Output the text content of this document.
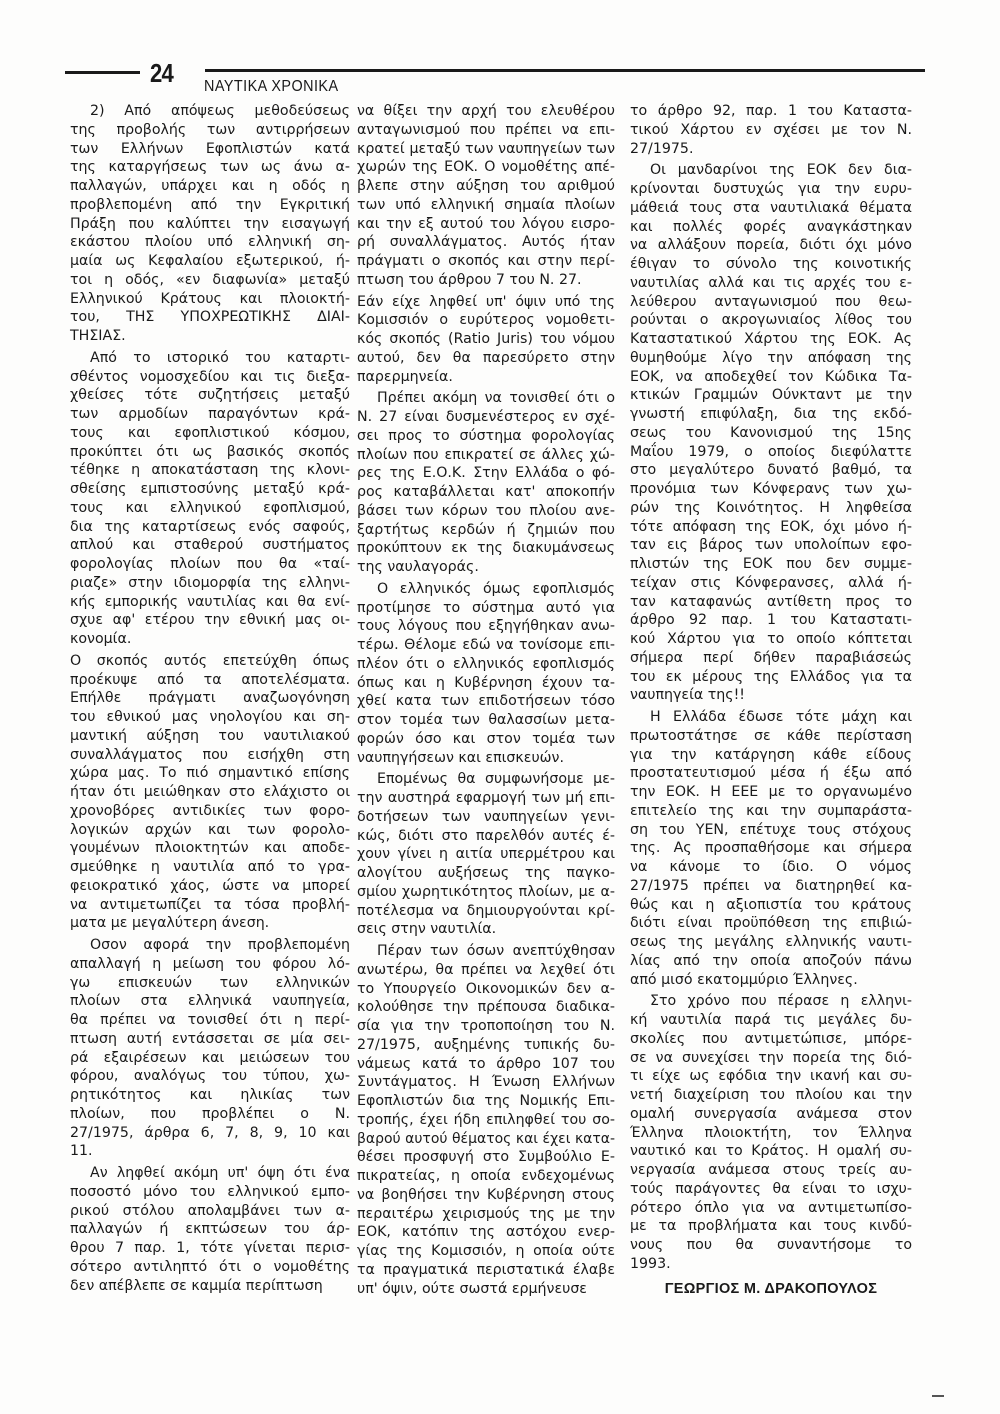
24 ΝΑΥΤΙΚΑ ΧΡΟΝΙΚΑ
2) Από απόψεως μεθοδεύσεως
της προβολής των αντιρρήσεων
των Ελλήνων Εφοπλιστών κατά
της καταργήσεως των ως άνω α-
παλλαγών, υπάρχει και η οδός η
προβλεπομένη από την Εγκριτική
Πράξη που καλύπτει την εισαγωγή
εκάστου πλοίου υπό ελληνική ση-
μαία ως Κεφαλαίου εξωτερικού, ή-
τοι η οδός, «εν διαφωνία» μεταξύ
Ελληνικού Κράτους και πλοιοκτή-
του, ΤΗΣ ΥΠΟΧΡΕΩΤΙΚΗΣ ΔΙΑΙ-
ΤΗΣΙΑΣ.
Από το ιστορικό του καταρτι-
σθέντος νομοσχεδίου και τις διεξα-
χθείσες τότε συζητήσεις μεταξύ
των αρμοδίων παραγόντων κρά-
τους και εφοπλιστικού κόσμου,
προκύπτει ότι ως βασικός σκοπός
τέθηκε η αποκατάσταση της κλονι-
σθείσης εμπιστοσύνης μεταξύ κρά-
τους και ελληνικού εφοπλισμού,
δια της καταρτίσεως ενός σαφούς,
απλού και σταθερού συστήματος
φορολογίας πλοίων που θα «ταί-
ριαζε» στην ιδιομορφία της ελληνι-
κής εμπορικής ναυτιλίας και θα ενί-
σχυε αφ' ετέρου την εθνική μας οι-
κονομία.
Ο σκοπός αυτός επετεύχθη όπως
προέκυψε από τα αποτελέσματα.
Επήλθε πράγματι αναζωογόνηση
του εθνικού μας νηολογίου και ση-
μαντική αύξηση του ναυτιλιακού
συναλλάγματος που εισήχθη στη
χώρα μας. Το πιό σημαντικό επίσης
ήταν ότι μειώθηκαν στο ελάχιστο οι
χρονοβόρες αντιδικίες των φορο-
λογικών αρχών και των φορολο-
γουμένων πλοιοκτητών και αποδε-
σμεύθηκε η ναυτιλία από το γρα-
φειοκρατικό χάος, ώστε να μπορεί
να αντιμετωπίζει τα τόσα προβλή-
ματα με μεγαλύτερη άνεση.
Οσον αφορά την προβλεπομένη
απαλλαγή η μείωση του φόρου λό-
γω επισκευών των ελληνικών
πλοίων στα ελληνικά ναυπηγεία,
θα πρέπει να τονισθεί ότι η περί-
πτωση αυτή εντάσσεται σε μία σει-
ρά εξαιρέσεων και μειώσεων του
φόρου, αναλόγως του τύπου, χω-
ρητικότητος και ηλικίας των
πλοίων, που προβλέπει ο Ν.
27/1975, άρθρα 6, 7, 8, 9, 10 και
11.
Αν ληφθεί ακόμη υπ' όψη ότι ένα
ποσοστό μόνο του ελληνικού εμπο-
ρικού στόλου απολαμβάνει των α-
παλλαγών ή εκπτώσεων του άρ-
θρου 7 παρ. 1, τότε γίνεται περισ-
σότερο αντιληπτό ότι ο νομοθέτης
δεν απέβλεπε σε καμμία περίπτωση
να θίξει την αρχή του ελευθέρου
ανταγωνισμού που πρέπει να επι-
κρατεί μεταξύ των ναυπηγείων των
χωρών της ΕΟΚ. Ο νομοθέτης απέ-
βλεπε στην αύξηση του αριθμού
των υπό ελληνική σημαία πλοίων
και την εξ αυτού του λόγου εισρο-
ρή συναλλάγματος. Αυτός ήταν
πράγματι ο σκοπός και στην περί-
πτωση του άρθρου 7 του Ν. 27.
Εάν είχε ληφθεί υπ' όψιν υπό της
Κομισσιόν ο ευρύτερος νομοθετι-
κός σκοπός (Ratio Juris) του νόμου
αυτού, δεν θα παρεσύρετο στην
παρερμηνεία.
Πρέπει ακόμη να τονισθεί ότι ο
Ν. 27 είναι δυσμενέστερος εν σχέ-
σει προς το σύστημα φορολογίας
πλοίων που επικρατεί σε άλλες χώ-
ρες της Ε.Ο.Κ. Στην Ελλάδα ο φό-
ρος καταβάλλεται κατ' αποκοπήν
βάσει των κόρων του πλοίου ανε-
ξαρτήτως κερδών ή ζημιών που
προκύπτουν εκ της διακυμάνσεως
της ναυλαγοράς.
Ο ελληνικός όμως εφοπλισμός
προτίμησε το σύστημα αυτό για
τους λόγους που εξηγήθηκαν ανω-
τέρω. Θέλομε εδώ να τονίσομε επι-
πλέον ότι ο ελληνικός εφοπλισμός
όπως και η Κυβέρνηση έχουν τα-
χθεί κατα των επιδοτήσεων τόσο
στον τομέα των θαλασσίων μετα-
φορών όσο και στον τομέα των
ναυπηγήσεων και επισκευών.
Επομένως θα συμφωνήσομε με-
την αυστηρά εφαρμογή των μή επι-
δοτήσεων των ναυπηγείων γενι-
κώς, διότι στο παρελθόν αυτές έ-
χουν γίνει η αιτία υπερμέτρου και
αλογίτου αυξήσεως της παγκο-
σμίου χωρητικότητος πλοίων, με α-
ποτέλεσμα να δημιουργούνται κρί-
σεις στην ναυτιλία.
Πέραν των όσων ανεπτύχθησαν
ανωτέρω, θα πρέπει να λεχθεί ότι
το Υπουργείο Οικονομικών δεν α-
κολούθησε την πρέπουσα διαδικα-
σία για την τροποποίηση του Ν.
27/1975, αυξημένης τυπικής δυ-
νάμεως κατά το άρθρο 107 του
Συντάγματος. Η Ένωση Ελλήνων
Εφοπλιστών δια της Νομικής Επι-
τροπής, έχει ήδη επιληφθεί του σο-
βαρού αυτού θέματος και έχει κατα-
θέσει προσφυγή στο Συμβούλιο Ε-
πικρατείας, η οποία ενδεχομένως
να βοηθήσει την Κυβέρνηση στους
περαιτέρω χειρισμούς της με την
ΕΟΚ, κατόπιν της αστόχου ενερ-
γίας της Κομισσιόν, η οποία ούτε
τα πραγματικά περιστατικά έλαβε
υπ' όψιν, ούτε σωστά ερμήνευσε
το άρθρο 92, παρ. 1 του Καταστα-
τικού Χάρτου εν σχέσει με τον Ν.
27/1975.
Οι μανδαρίνοι της ΕΟΚ δεν δια-
κρίνονται δυστυχώς για την ευρυ-
μάθειά τους στα ναυτιλιακά θέματα
και πολλές φορές αναγκάστηκαν
να αλλάξουν πορεία, διότι όχι μόνο
έθιγαν το σύνολο της κοινοτικής
ναυτιλίας αλλά και τις αρχές του ε-
λεύθερου ανταγωνισμού που θεω-
ρούνται ο ακρογωνιαίος λίθος του
Καταστατικού Χάρτου της ΕΟΚ. Ας
θυμηθούμε λίγο την απόφαση της
ΕΟΚ, να αποδεχθεί τον Κώδικα Τα-
κτικών Γραμμών Ούνκταντ με την
γνωστή επιφύλαξη, δια της εκδό-
σεως του Κανονισμού της 15ης
Μαΐου 1979, ο οποίος διεφύλαττε
στο μεγαλύτερο δυνατό βαθμό, τα
προνόμια των Κόνφερανς των χω-
ρών της Κοινότητος. Η ληφθείσα
τότε απόφαση της ΕΟΚ, όχι μόνο ή-
ταν εις βάρος των υπολοίπων εφο-
πλιστών της ΕΟΚ που δεν συμμε-
τείχαν στις Κόνφερανσες, αλλά ή-
ταν καταφανώς αντίθετη προς το
άρθρο 92 παρ. 1 του Καταστατι-
κού Χάρτου για το οποίο κόπτεται
σήμερα περί δήθεν παραβιάσεώς
του εκ μέρους της Ελλάδος για τα
ναυπηγεία της!!
Η Ελλάδα έδωσε τότε μάχη και
πρωτοστάτησε σε κάθε περίσταση
για την κατάργηση κάθε είδους
προστατευτισμού μέσα ή έξω από
την ΕΟΚ. Η ΕΕΕ με το οργανωμένο
επιτελείο της και την συμπαράστα-
ση του ΥΕΝ, επέτυχε τους στόχους
της. Ας προσπαθήσομε και σήμερα
να κάνομε το ίδιο. Ο νόμος
27/1975 πρέπει να διατηρηθεί κα-
θώς και η αξιοπιστία του κράτους
διότι είναι προϋπόθεση της επιβιώ-
σεως της μεγάλης ελληνικής ναυτι-
λίας από την οποία αποζούν πάνω
από μισό εκατομμύριο Έλληνες.
Στο χρόνο που πέρασε η ελληνι-
κή ναυτιλία παρά τις μεγάλες δυ-
σκολίες που αντιμετώπισε, μπόρε-
σε να συνεχίσει την πορεία της διό-
τι είχε ως εφόδια την ικανή και συ-
νετή διαχείριση του πλοίου και την
ομαλή συνεργασία ανάμεσα στον
Έλληνα πλοιοκτήτη, τον Έλληνα
ναυτικό και το Κράτος. Η ομαλή συ-
νεργασία ανάμεσα στους τρείς αυ-
τούς παράγοντες θα είναι το ισχυ-
ρότερο όπλο για να αντιμετωπίσο-
με τα προβλήματα και τους κινδύ-
νους που θα συναντήσομε το
1993.
ΓΕΩΡΓΙΟΣ Μ. ΔΡΑΚΟΠΟΥΛΟΣ
